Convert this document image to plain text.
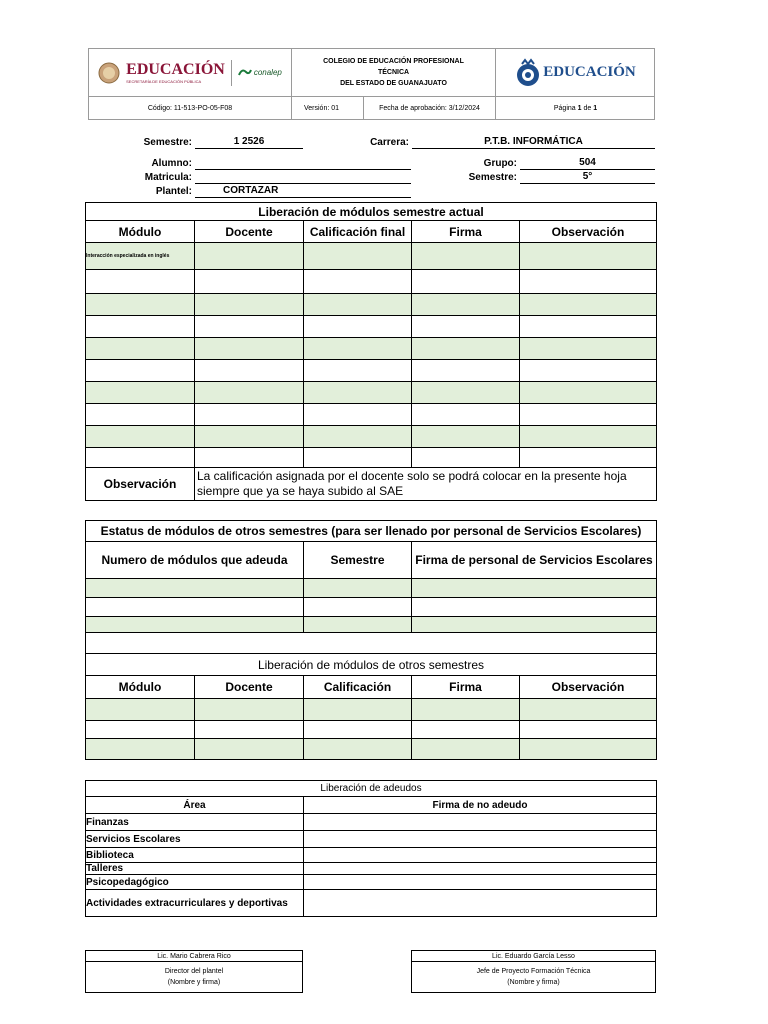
EDUCACIÓN
SECRETARÍA DE EDUCACIÓN PÚBLICA
conalep
COLEGIO DE EDUCACIÓN PROFESIONAL
TÉCNICA
DEL ESTADO DE GUANAJUATO
EDUCACIÓN
Código: 11-513-PO-05-F08	Versión: 01	Fecha de aprobación: 3/12/2024	Página
1
de
1
Semestre:	1 2526	Carrera:	P.T.B. INFORMÁTICA
Alumno:	Grupo:	504
Matricula:	Semestre:	5°
Plantel:	CORTAZAR
Liberación de módulos semestre actual				
Módulo	Docente	Calificación final	Firma	Observación
Interacción especializada en inglés				

Observación	La calificación asignada por el docente solo se podrá colocar en la presente hoja siempre que ya se haya subido al SAE			
Estatus de módulos de otros semestres (para ser llenado por personal de Servicios Escolares)				
Numero de módulos que adeuda		Semestre	Firma de personal de Servicios Escolares	

Liberación de módulos de otros semestres				
Módulo	Docente	Calificación	Firma	Observación

Liberación de adeudos	
Área	Firma de no adeudo
Finanzas	
Servicios Escolares	
Biblioteca	
Talleres	
Psicopedagógico	
Actividades extracurriculares y deportivas	
Lic. Mario Cabrera Rico

Director del plantel
(Nombre y firma)
Lic. Eduardo García Lesso

Jefe de Proyecto Formación Técnica
(Nombre y firma)
